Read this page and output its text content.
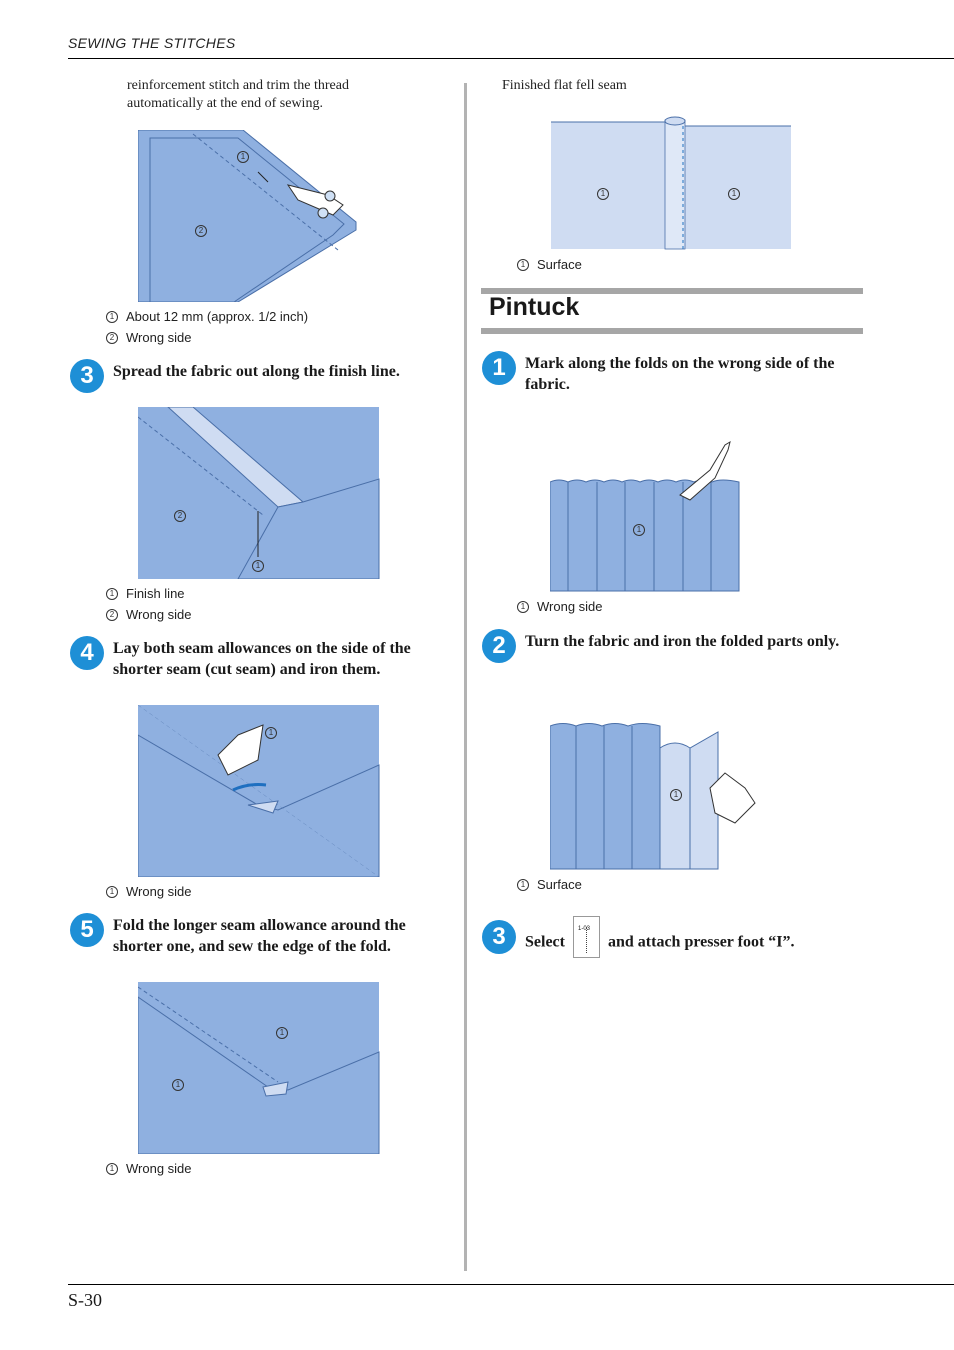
SEWING THE STITCHES
reinforcement stitch and trim the thread automatically at the end of sewing.
1
2
1 About 12 mm (approx. 1/2 inch)
2 Wrong side
3	Spread the fabric out along the finish line.
2
1
1 Finish line
2 Wrong side
4	Lay both seam allowances on the side of the shorter seam (cut seam) and iron them.
1
1 Wrong side
5	Fold the longer seam allowance around the shorter one, and sew the edge of the fold.
1
1
1 Wrong side
Finished flat fell seam
1	1
1 Surface
Pintuck
1	Mark along the folds on the wrong side of the fabric.
1
1 Wrong side
2	Turn the fabric and iron the folded parts only.
1
1 Surface
3	Select
1-03
and attach presser foot “I”.
S-30
